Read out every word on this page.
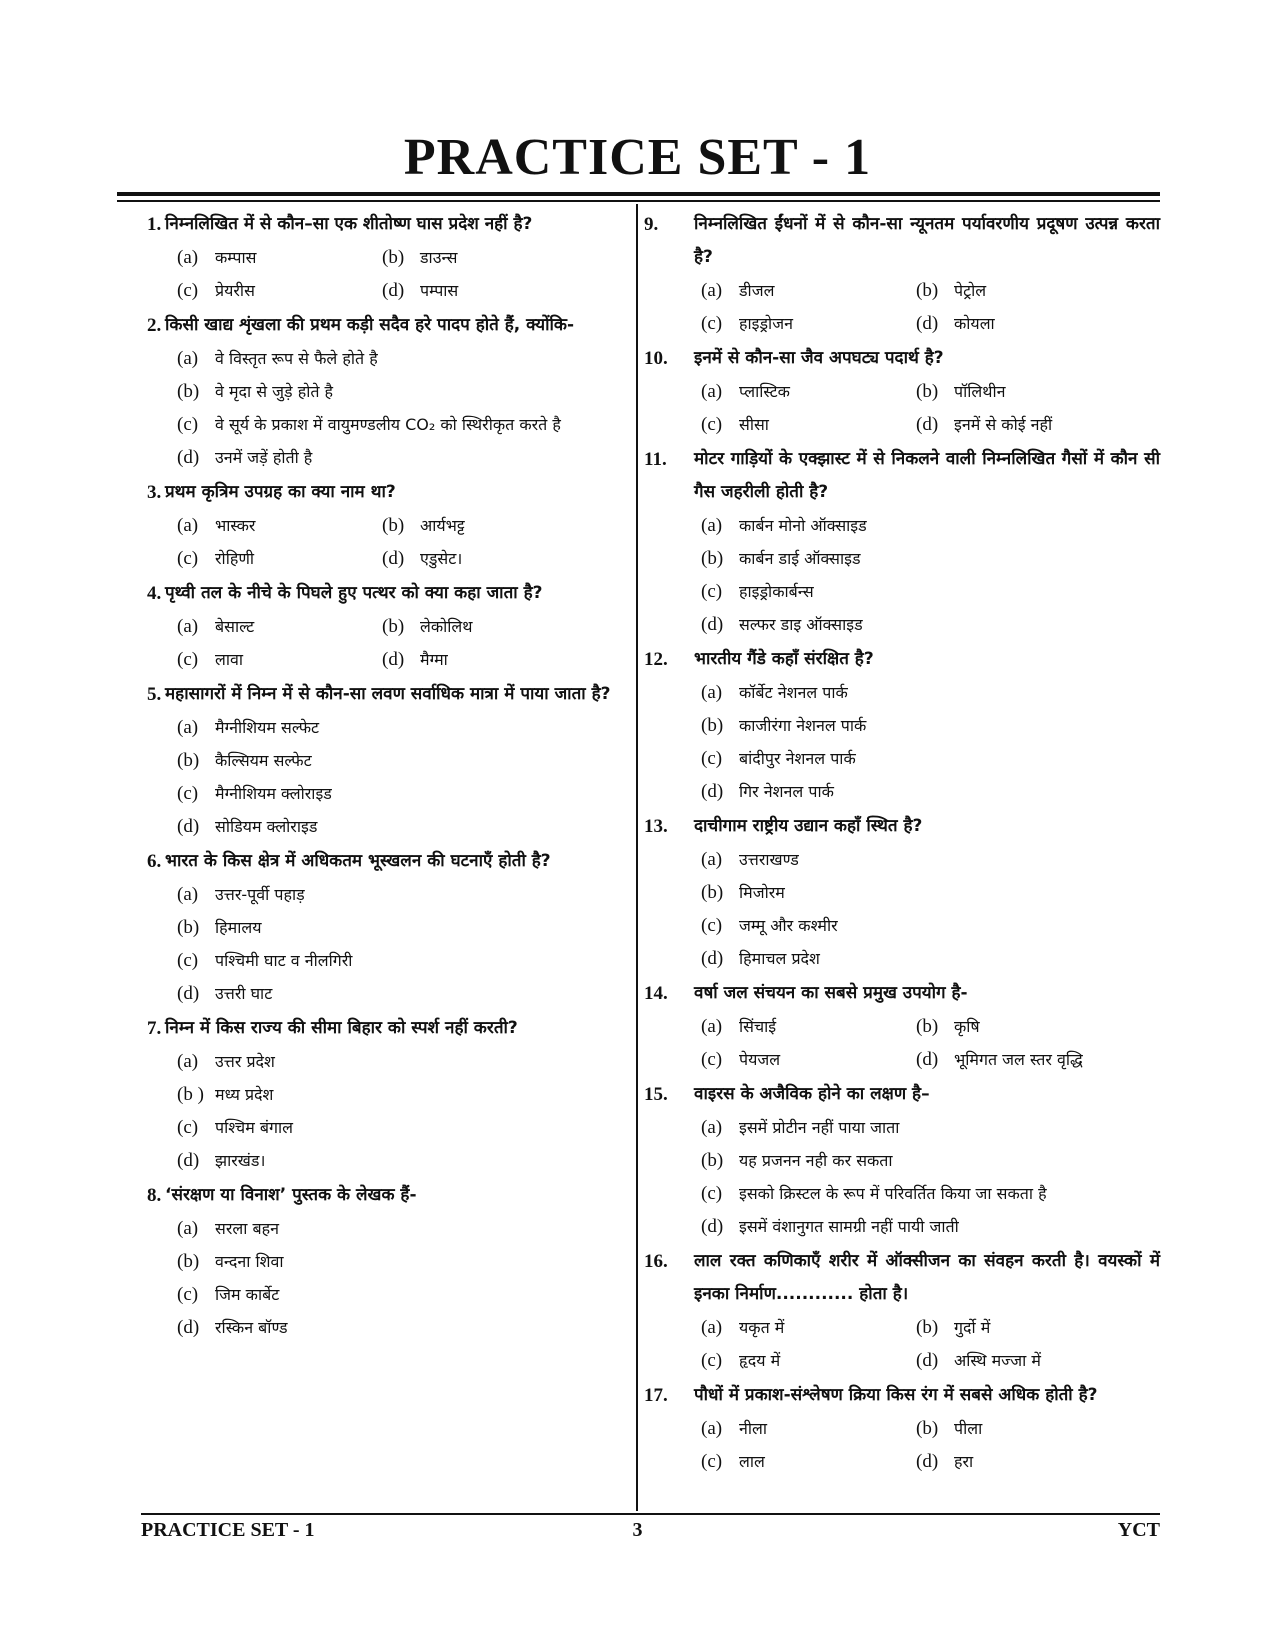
PRACTICE SET - 1
1. निम्नलिखित में से कौन–सा एक शीतोष्ण घास प्रदेश नहीं है?
(a)	कम्पास	(b) डाउन्स
(c)	प्रेयरीस	(d) पम्पास
2. किसी खाद्य शृंखला की प्रथम कड़ी सदैव हरे पादप होते हैं, क्योंकि-
(a)	वे विस्तृत रूप से फैले होते है
(b) वे मृदा से जुड़े होते है
(c)	वे सूर्य के प्रकाश में वायुमण्डलीय CO₂ को स्थिरीकृत करते है
(d) उनमें जड़ें होती है
3. प्रथम कृत्रिम उपग्रह का क्या नाम था?
(a)	भास्कर	(b) आर्यभट्ट
(c)	रोहिणी	(d) एडुसेट।
4. पृथ्वी तल के नीचे के पिघले हुए पत्थर को क्या कहा जाता है?
(a)	बेसाल्ट	(b) लेकोलिथ
(c)	लावा	(d) मैग्मा
5. महासागरों में निम्न में से कौन-सा लवण सर्वाधिक मात्रा में पाया जाता है?
(a)	मैग्नीशियम सल्फेट
(b) कैल्सियम सल्फेट
(c)	मैग्नीशियम क्लोराइड
(d) सोडियम क्लोराइड
6. भारत के किस क्षेत्र में अधिकतम भूस्खलन की घटनाएँ होती है?
(a)	उत्तर-पूर्वी पहाड़
(b) हिमालय
(c)	पश्चिमी घाट व नीलगिरी
(d) उत्तरी घाट
7. निम्न में किस राज्य की सीमा बिहार को स्पर्श नहीं करती?
(a)	उत्तर प्रदेश
(b ) मध्य प्रदेश
(c)	पश्चिम बंगाल
(d) झारखंड।
8. ‘संरक्षण या विनाश’ पुस्तक के लेखक हैं-
(a)	सरला बहन
(b) वन्दना शिवा
(c)	जिम कार्बेट
(d) रस्किन बॉण्ड
9.	निम्नलिखित ईंधनों में से कौन-सा न्यूनतम पर्यावरणीय प्रदूषण उत्पन्न करता है?
(a)	डीजल	(b) पेट्रोल
(c)	हाइड्रोजन	(d) कोयला
10.	इनमें से कौन-सा जैव अपघट्य पदार्थ है?
(a)	प्लास्टिक	(b) पॉलिथीन
(c)	सीसा	(d) इनमें से कोई नहीं
11.	मोटर गाड़ियों के एक्झास्ट में से निकलने वाली निम्नलिखित गैसों में कौन सी गैस जहरीली होती है?
(a)	कार्बन मोनो ऑक्साइड
(b) कार्बन डाई ऑक्साइड
(c)	हाइड्रोकार्बन्स
(d) सल्फर डाइ ऑक्साइड
12.	भारतीय गैंडे कहाँ संरक्षित है?
(a)	कॉर्बेट नेशनल पार्क
(b) काजीरंगा नेशनल पार्क
(c)	बांदीपुर नेशनल पार्क
(d) गिर नेशनल पार्क
13.	दाचीगाम राष्ट्रीय उद्यान कहाँ स्थित है?
(a)	उत्तराखण्ड
(b) मिजोरम
(c)	जम्मू और कश्मीर
(d) हिमाचल प्रदेश
14.	वर्षा जल संचयन का सबसे प्रमुख उपयोग है-
(a)	सिंचाई	(b) कृषि
(c)	पेयजल	(d) भूमिगत जल स्तर वृद्धि
15.	वाइरस के अजैविक होने का लक्षण है–
(a)	इसमें प्रोटीन नहीं पाया जाता
(b) यह प्रजनन नही कर सकता
(c)	इसको क्रिस्टल के रूप में परिवर्तित किया जा सकता है
(d) इसमें वंशानुगत सामग्री नहीं पायी जाती
16.	लाल रक्त कणिकाएँ शरीर में ऑक्सीजन का संवहन करती है। वयस्कों में इनका निर्माण............ होता है।
(a)	यकृत में	(b) गुर्दो में
(c)	हृदय में	(d) अस्थि मज्जा में
17.	पौधों में प्रकाश-संश्लेषण क्रिया किस रंग में सबसे अधिक होती है?
(a)	नीला	(b) पीला
(c)	लाल	(d) हरा
PRACTICE SET - 1	3	YCT
